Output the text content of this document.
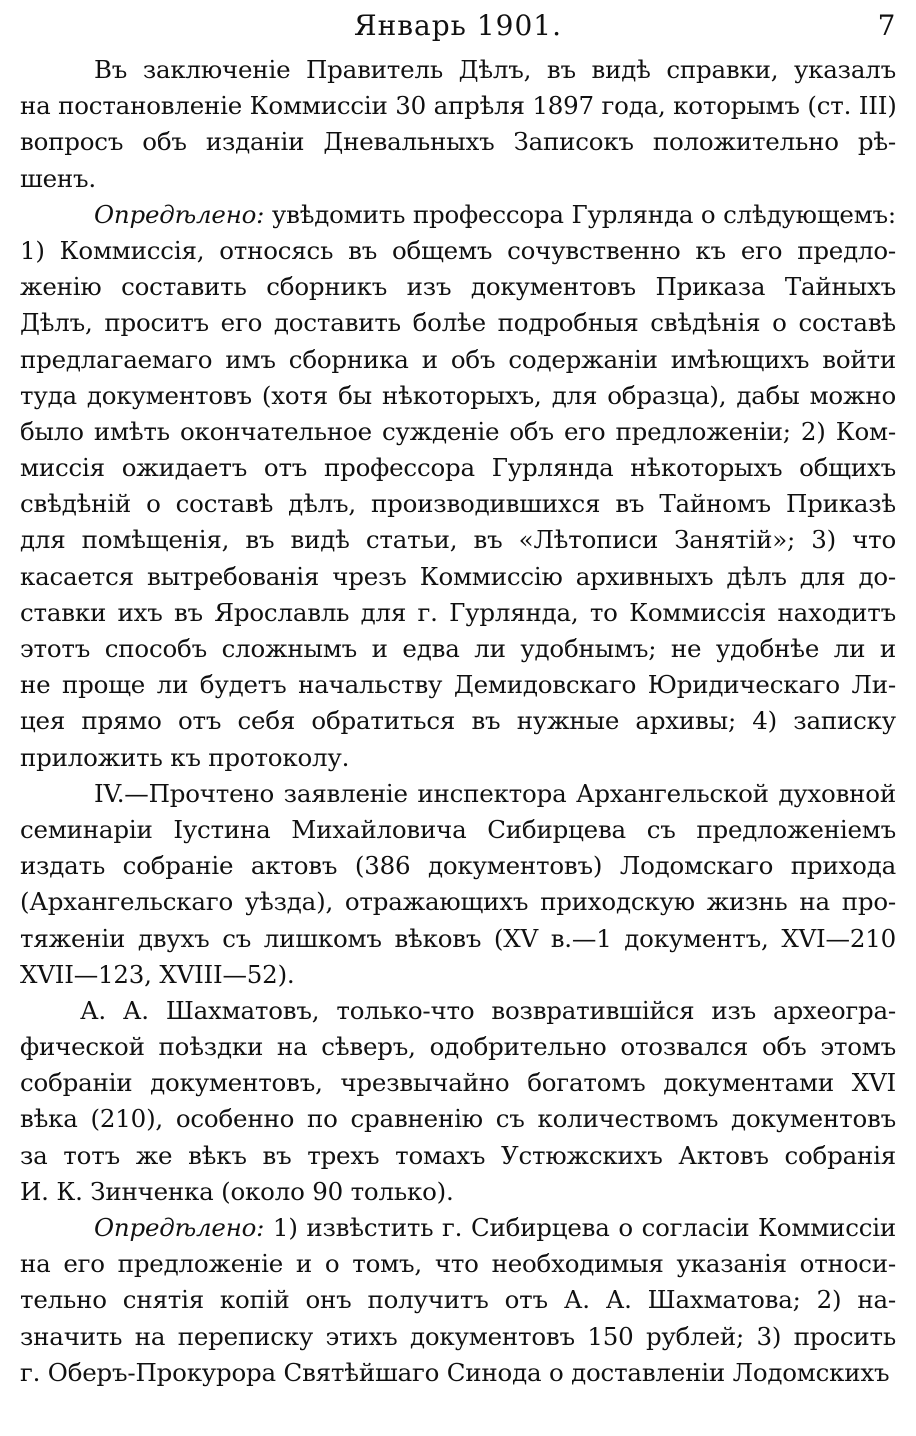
Январь 1901.	7
Въ заключеніе Правитель Дѣлъ, въ видѣ справки, указалъ
на постановленіе Коммиссіи 30 апрѣля 1897 года, которымъ (ст. III)
вопросъ объ изданіи Дневальныхъ Записокъ положительно рѣ-
шенъ.
Опредѣлено: увѣдомить профессора Гурлянда о слѣдующемъ:
1) Коммиссія, относясь въ общемъ сочувственно къ его предло-
женію составить сборникъ изъ документовъ Приказа Тайныхъ
Дѣлъ, проситъ его доставить болѣе подробныя свѣдѣнія о составѣ
предлагаемаго имъ сборника и объ содержаніи имѣющихъ войти
туда документовъ (хотя бы нѣкоторыхъ, для образца), дабы можно
было имѣть окончательное сужденіе объ его предложеніи; 2) Ком-
миссія ожидаетъ отъ профессора Гурлянда нѣкоторыхъ общихъ
свѣдѣній о составѣ дѣлъ, производившихся въ Тайномъ Приказѣ
для помѣщенія, въ видѣ статьи, въ «Лѣтописи Занятій»; 3) что
касается вытребованія чрезъ Коммиссію архивныхъ дѣлъ для до-
ставки ихъ въ Ярославль для г. Гурлянда, то Коммиссія находитъ
этотъ способъ сложнымъ и едва ли удобнымъ; не удобнѣе ли и
не проще ли будетъ начальству Демидовскаго Юридическаго Ли-
цея прямо отъ себя обратиться въ нужные архивы; 4) записку
приложить къ протоколу.
IV.—Прочтено заявленіе инспектора Архангельской духовной
семинаріи Іустина Михайловича Сибирцева съ предложеніемъ
издать собраніе актовъ (386 документовъ) Лодомскаго прихода
(Архангельскаго уѣзда), отражающихъ приходскую жизнь на про-
тяженіи двухъ съ лишкомъ вѣковъ (XV в.—1 документъ, XVI—210
XVII—123, XVIII—52).
А. А. Шахматовъ, только-что возвратившійся изъ археогра-
фической поѣздки на сѣверъ, одобрительно отозвался объ этомъ
собраніи документовъ, чрезвычайно богатомъ документами XVI
вѣка (210), особенно по сравненію съ количествомъ документовъ
за тотъ же вѣкъ въ трехъ томахъ Устюжскихъ Актовъ собранія
И. К. Зинченка (около 90 только).
Опредѣлено: 1) извѣстить г. Сибирцева о согласіи Коммиссіи
на его предложеніе и о томъ, что необходимыя указанія относи-
тельно снятія копій онъ получитъ отъ А. А. Шахматова; 2) на-
значить на переписку этихъ документовъ 150 рублей; 3) просить
г. Оберъ-Прокурора Святѣйшаго Синода о доставленіи Лодомскихъ
